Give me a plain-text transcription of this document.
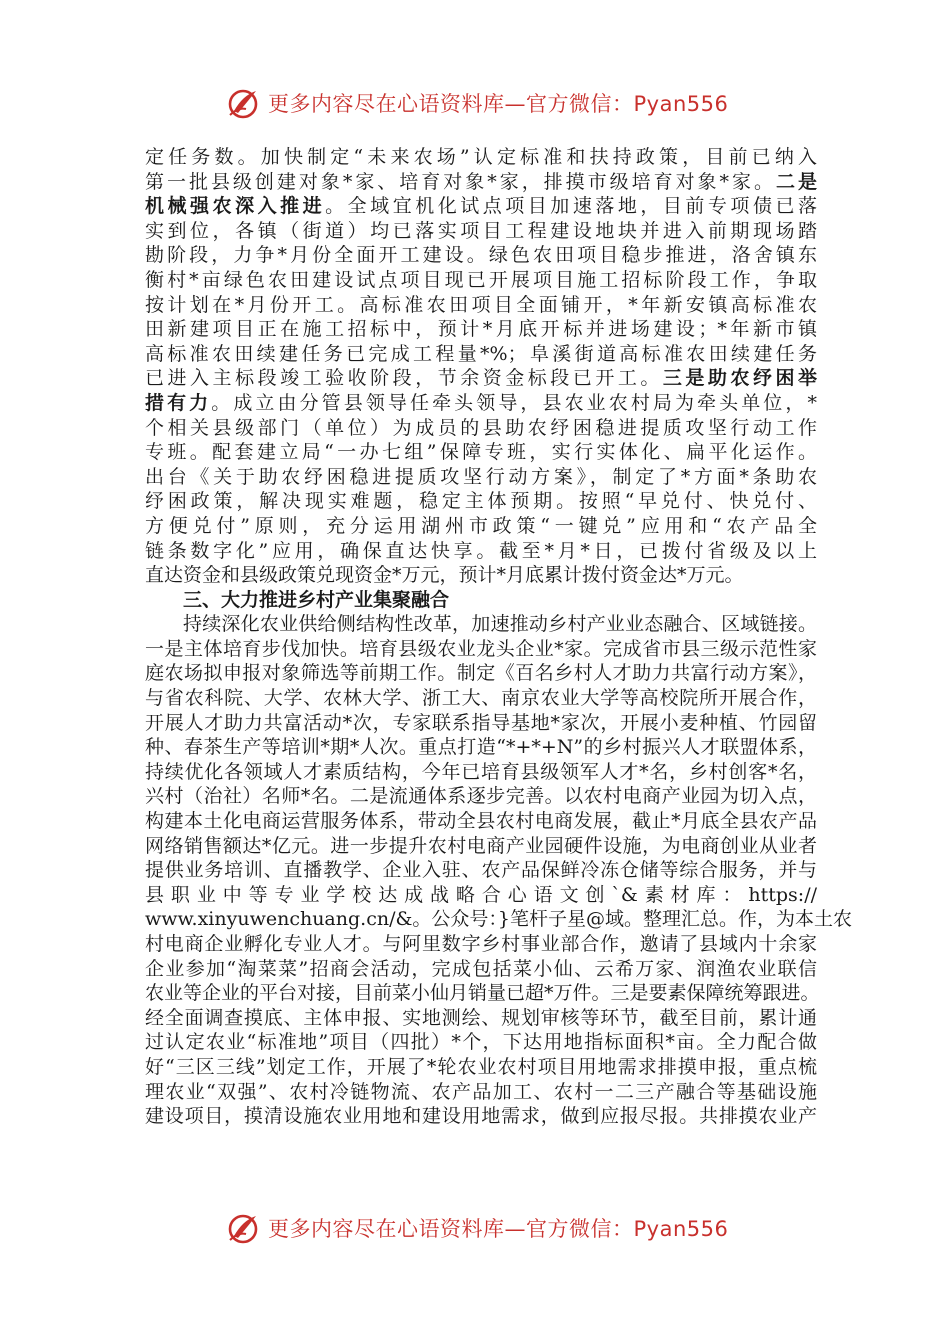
更多内容尽在心语资料库—官方微信：Pyan556

定任务数。加快制定“未来农场”认定标准和扶持政策，目前已纳入
第一批县级创建对象*家、培育对象*家，排摸市级培育对象*家。二是
机械强农深入推进。全域宜机化试点项目加速落地，目前专项债已落
实到位，各镇（街道）均已落实项目工程建设地块并进入前期现场踏
勘阶段，力争*月份全面开工建设。绿色农田项目稳步推进，洛舍镇东
衡村*亩绿色农田建设试点项目现已开展项目施工招标阶段工作，争取
按计划在*月份开工。高标准农田项目全面铺开，*年新安镇高标准农
田新建项目正在施工招标中，预计*月底开标并进场建设；*年新市镇
高标准农田续建任务已完成工程量*%；阜溪街道高标准农田续建任务
已进入主标段竣工验收阶段，节余资金标段已开工。三是助农纾困举
措有力。成立由分管县领导任牵头领导，县农业农村局为牵头单位，*
个相关县级部门（单位）为成员的县助农纾困稳进提质攻坚行动工作
专班。配套建立局“一办七组”保障专班，实行实体化、扁平化运作。
出台《关于助农纾困稳进提质攻坚行动方案》，制定了*方面*条助农
纾困政策，解决现实难题，稳定主体预期。按照“早兑付、快兑付、
方便兑付”原则，充分运用湖州市政策“一键兑”应用和“农产品全
链条数字化”应用，确保直达快享。截至*月*日，已拨付省级及以上
直达资金和县级政策兑现资金*万元，预计*月底累计拨付资金达*万元。

三、大力推进乡村产业集聚融合

持续深化农业供给侧结构性改革，加速推动乡村产业业态融合、区域链接。
一是主体培育步伐加快。培育县级农业龙头企业*家。完成省市县三级示范性家
庭农场拟申报对象筛选等前期工作。制定《百名乡村人才助力共富行动方案》，
与省农科院、大学、农林大学、浙工大、南京农业大学等高校院所开展合作，
开展人才助力共富活动*次，专家联系指导基地*家次，开展小麦种植、竹园留
种、春茶生产等培训*期*人次。重点打造“*+*+N”的乡村振兴人才联盟体系，
持续优化各领域人才素质结构，今年已培育县级领军人才*名，乡村创客*名，
兴村（治社）名师*名。二是流通体系逐步完善。以农村电商产业园为切入点，
构建本土化电商运营服务体系，带动全县农村电商发展，截止*月底全县农产品
网络销售额达*亿元。进一步提升农村电商产业园硬件设施，为电商创业从业者
提供业务培训、直播教学、企业入驻、农产品保鲜冷冻仓储等综合服务，并与
县职业中等专业学校达成战略合心语文创`&素材库：https://
www.xinyuwenchuang.cn/&。公众号：}笔杆子星@域。整理汇总。作，为本土农
村电商企业孵化专业人才。与阿里数字乡村事业部合作，邀请了县域内十余家
企业参加“淘菜菜”招商会活动，完成包括菜小仙、云希万家、润渔农业联信
农业等企业的平台对接，目前菜小仙月销量已超*万件。三是要素保障统筹跟进。
经全面调查摸底、主体申报、实地测绘、规划审核等环节，截至目前，累计通
过认定农业“标准地”项目（四批）*个，下达用地指标面积*亩。全力配合做
好“三区三线”划定工作，开展了*轮农业农村项目用地需求排摸申报，重点梳
理农业“双强”、农村冷链物流、农产品加工、农村一二三产融合等基础设施
建设项目，摸清设施农业用地和建设用地需求，做到应报尽报。共排摸农业产

更多内容尽在心语资料库—官方微信：Pyan556
